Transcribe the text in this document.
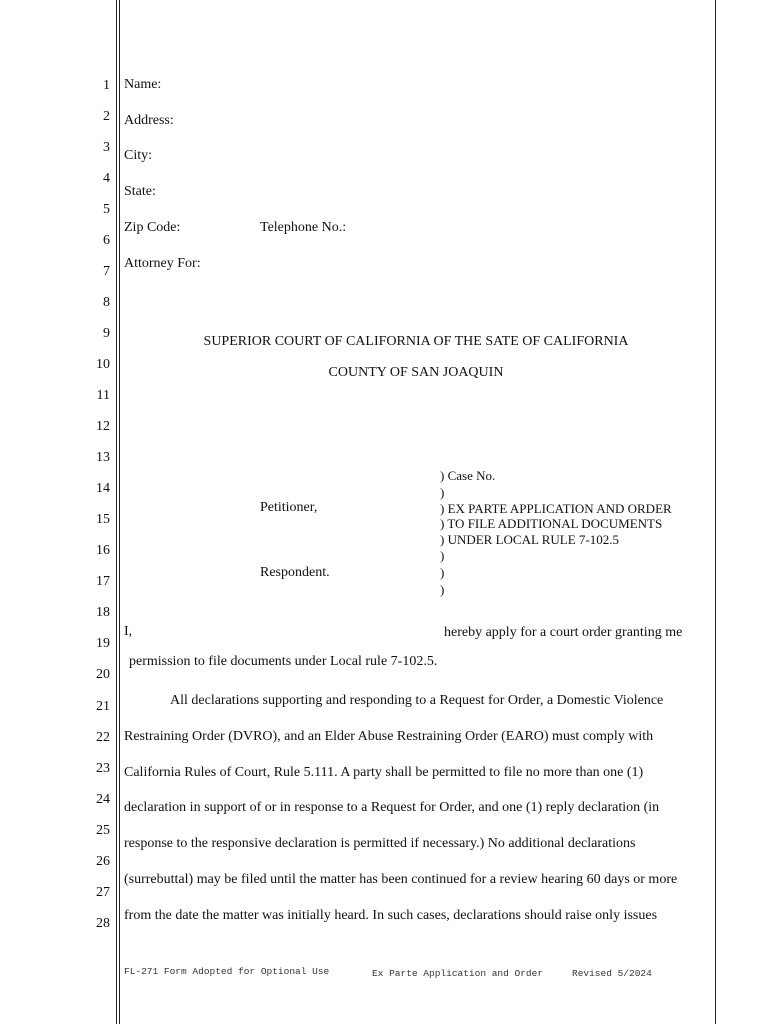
1
2
3
4
5
6
7
8
9
10
11
12
13
14
15
16
17
18
19
20
21
22
23
24
25
26
27
28
Name:
Address:
City:
State:
Zip Code:	Telephone No.:
Attorney For:
SUPERIOR COURT OF CALIFORNIA OF THE SATE OF CALIFORNIA
COUNTY OF SAN JOAQUIN
Petitioner,
Respondent.
) Case No.
)
) EX PARTE APPLICATION AND ORDER
) TO FILE ADDITIONAL DOCUMENTS
) UNDER LOCAL RULE 7-102.5
)
)
)
I,	hereby apply for a court order granting me
permission to file documents under Local rule 7-102.5.
All declarations supporting and responding to a Request for Order, a Domestic Violence
Restraining Order (DVRO), and an Elder Abuse Restraining Order (EARO) must comply with
California Rules of Court, Rule 5.111. A party shall be permitted to file no more than one (1)
declaration in support of or in response to a Request for Order, and one (1) reply declaration (in
response to the responsive declaration is permitted if necessary.) No additional declarations
(surrebuttal) may be filed until the matter has been continued for a review hearing 60 days or more
from the date the matter was initially heard. In such cases, declarations should raise only issues
FL-271 Form Adopted for Optional Use	Ex Parte Application and Order	Revised 5/2024
